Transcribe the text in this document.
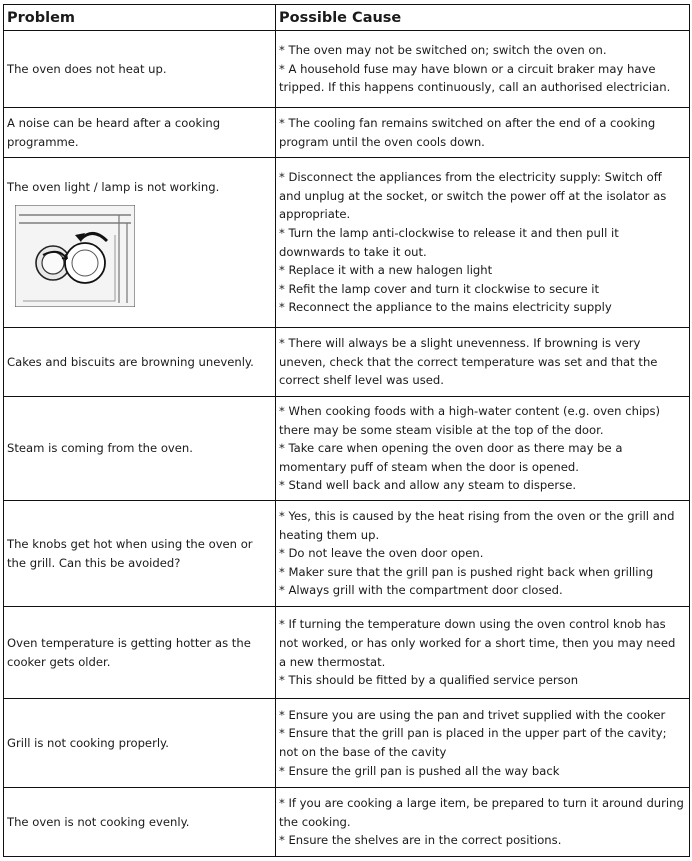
Problem	Possible Cause
The oven does not heat up.	* The oven may not be switched on; switch the oven on.
* A household fuse may have blown or a circuit braker may have tripped. If this happens continuously, call an authorised electrician.

A noise can be heard after a cooking programme.	* The cooling fan remains switched on after the end of a cooking program until the oven cools down.

The oven light / lamp is not working.	* Disconnect the appliances from the electricity supply: Switch off and unplug at the socket, or switch the power off at the isolator as appropriate.
* Turn the lamp anti-clockwise to release it and then pull it downwards to take it out.
* Replace it with a new halogen light
* Refit the lamp cover and turn it clockwise to secure it
* Reconnect the appliance to the mains electricity supply

Cakes and biscuits are browning unevenly.	* There will always be a slight unevenness. If browning is very uneven, check that the correct temperature was set and that the correct shelf level was used.

Steam is coming from the oven.	* When cooking foods with a high-water content (e.g. oven chips) there may be some steam visible at the top of the door.
* Take care when opening the oven door as there may be a momentary puff of steam when the door is opened.
* Stand well back and allow any steam to disperse.

The knobs get hot when using the oven or the grill. Can this be avoided?	* Yes, this is caused by the heat rising from the oven or the grill and heating them up.
* Do not leave the oven door open.
* Maker sure that the grill pan is pushed right back when grilling
* Always grill with the compartment door closed.

Oven temperature is getting hotter as the cooker gets older.	* If turning the temperature down using the oven control knob has not worked, or has only worked for a short time, then you may need a new thermostat.
* This should be fitted by a qualified service person

Grill is not cooking properly.	* Ensure you are using the pan and trivet supplied with the cooker
* Ensure that the grill pan is placed in the upper part of the cavity; not on the base of the cavity
* Ensure the grill pan is pushed all the way back

The oven is not cooking evenly.	* If you are cooking a large item, be prepared to turn it around during the cooking.
* Ensure the shelves are in the correct positions.
